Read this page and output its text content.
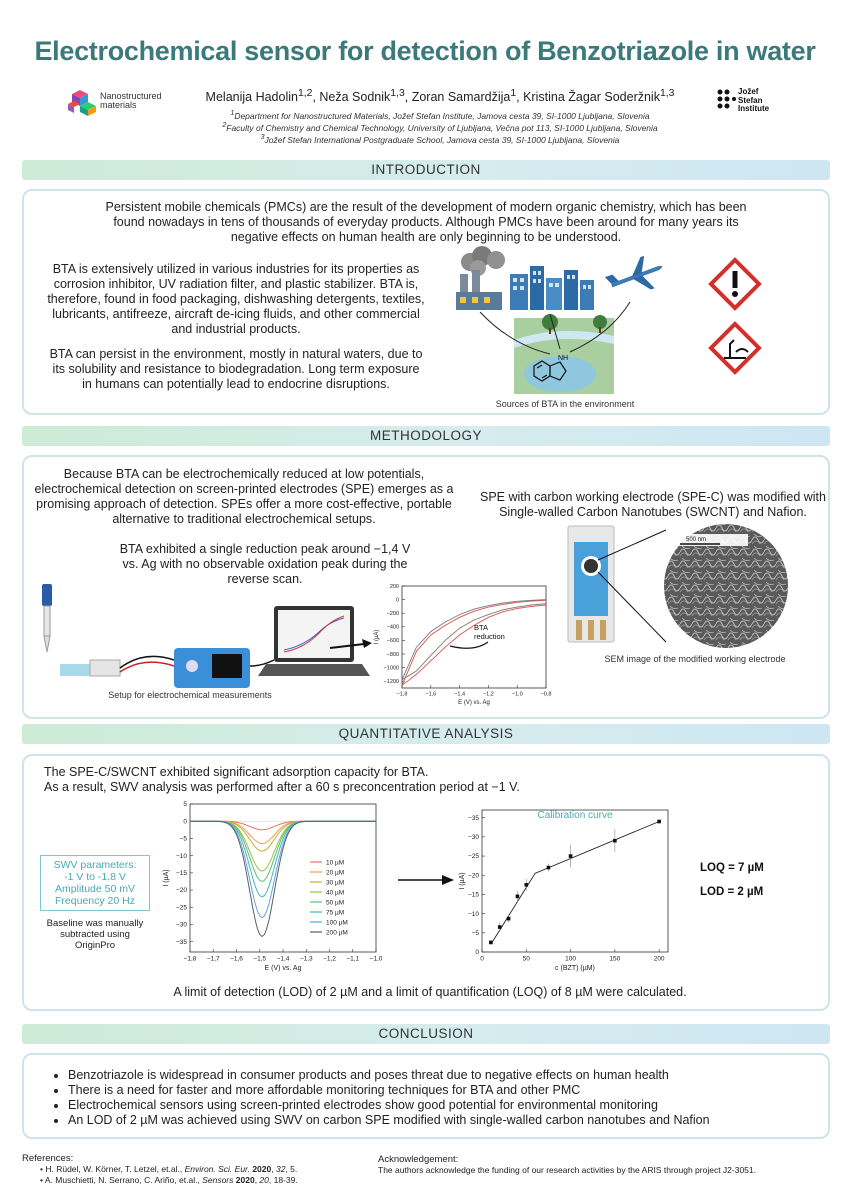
Electrochemical sensor for detection of Benzotriazole in water
Nanostructured
materials
Jožef
Stefan
Institute
Melanija Hadolin$^{1,2}$, Neža Sodnik$^{1,3}$, Zoran Samardžija$^1$, Kristina Žagar Soderžnik$^{1,3}$
$^1$Department for Nanostructured Materials, Jožef Stefan Institute, Jamova cesta 39, SI-1000 Ljubljana, Slovenia
$^2$Faculty of Chemistry and Chemical Technology, University of Ljubljana, Večna pot 113, SI-1000 Ljubljana, Slovenia
$^3$Jožef Stefan International Postgraduate School, Jamova cesta 39, SI-1000 Ljubljana, Slovenia
INTRODUCTION
Persistent mobile chemicals (PMCs) are the result of the development of modern organic chemistry, which has been found nowadays in tens of thousands of everyday products. Although PMCs have been around for many years its negative effects on human health are only beginning to be understood.
BTA is extensively utilized in various industries for its properties as corrosion inhibitor, UV radiation filter, and plastic stabilizer. BTA is, therefore, found in food packaging, dishwashing detergents, textiles, lubricants, antifreeze, aircraft de-icing fluids, and other commercial and industrial products.
BTA can persist in the environment, mostly in natural waters, due to its solubility and resistance to biodegradation. Long term exposure in humans can potentially lead to endocrine disruptions.
NH
Sources of BTA in the environment
METHODOLOGY
Because BTA can be electrochemically reduced at low potentials, electrochemical detection on screen-printed electrodes (SPE) emerges as a promising approach of detection. SPEs offer a more cost-effective, portable alternative to traditional electrochemical setups.
BTA exhibited a single reduction peak around −1,4 V vs. Ag with no observable oxidation peak during the reverse scan.
SPE with carbon working electrode (SPE-C) was modified with Single-walled Carbon Nanotubes (SWCNT) and Nafion.
Setup for electrochemical measurements	−1,8	−1,6	−1,4	−1,2	−1,0	−0,8
200
0
−200
−400
−600
−800
−1000
−1200
E (V) vs. Ag
I (µA)
BTA
reduction
500 nm
SEM image of the modified working electrode
QUANTITATIVE ANALYSIS
The SPE-C/SWCNT exhibited significant adsorption capacity for BTA.
As a result, SWV analysis was performed after a 60 s preconcentration period at −1 V.
SWV parameters:
-1 V to -1.8 V
Amplitude 50 mV
Frequency 20 Hz
Baseline was manually subtracted using OriginPro
−1,8 −1,7 −1,6 −1,5 −1,4 −1,3 −1,2 −1,1 −1,0
5
0
−5
−10
−15
−20
−25
−30
−35
E (V) vs. Ag
I (µA)
10 µM
20 µM
30 µM
40 µM
50 µM
75 µM
100 µM
200 µM
0	50	100	150	200
0
−5
−10
−15
−20
−25
−30
−35
c (BZT) (µM)
I (µA)
Calibration curve
LOQ = 7 µM
LOD = 2 µM
A limit of detection (LOD) of 2 µM and a limit of quantification (LOQ) of 8 µM were calculated.
CONCLUSION
• Benzotriazole is widespread in consumer products and poses threat due to negative effects on human health
• There is a need for faster and more affordable monitoring techniques for BTA and other PMC
• Electrochemical sensors using screen-printed electrodes show good potential for environmental monitoring
• An LOD of 2 µM was achieved using SWV on carbon SPE modified with single-walled carbon nanotubes and Nafion
References:
• H. Rüdel, W. Körner, T. Letzel, et.al., Environ. Sci. Eur. 2020, 32, 5.
• A. Muschietti, N. Serrano, C. Ariño, et.al., Sensors 2020, 20, 18-39.
Acknowledgement:
The authors acknowledge the funding of our research activities by the ARIS through project J2-3051.
